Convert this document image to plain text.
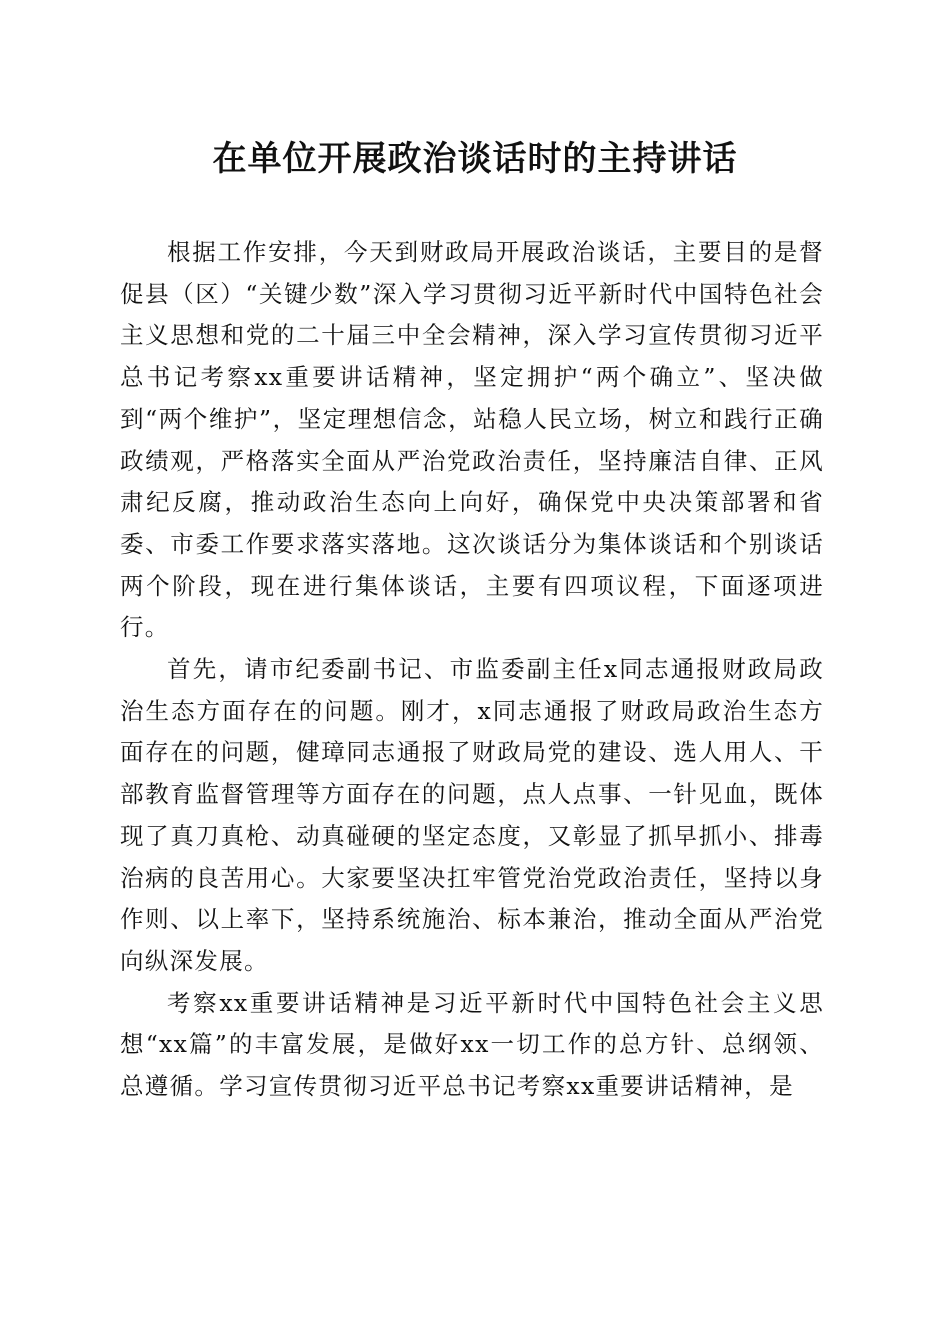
在单位开展政治谈话时的主持讲话

根据工作安排，今天到财政局开展政治谈话，主要目的是督促县（区）“关键少数”深入学习贯彻习近平新时代中国特色社会主义思想和党的二十届三中全会精神，深入学习宣传贯彻习近平总书记考察xx重要讲话精神，坚定拥护“两个确立”、坚决做到“两个维护”，坚定理想信念，站稳人民立场，树立和践行正确政绩观，严格落实全面从严治党政治责任，坚持廉洁自律、正风肃纪反腐，推动政治生态向上向好，确保党中央决策部署和省委、市委工作要求落实落地。这次谈话分为集体谈话和个别谈话两个阶段，现在进行集体谈话，主要有四项议程，下面逐项进行。

首先，请市纪委副书记、市监委副主任x同志通报财政局政治生态方面存在的问题。刚才，x同志通报了财政局政治生态方面存在的问题，健璋同志通报了财政局党的建设、选人用人、干部教育监督管理等方面存在的问题，点人点事、一针见血，既体现了真刀真枪、动真碰硬的坚定态度，又彰显了抓早抓小、排毒治病的良苦用心。大家要坚决扛牢管党治党政治责任，坚持以身作则、以上率下，坚持系统施治、标本兼治，推动全面从严治党向纵深发展。

考察xx重要讲话精神是习近平新时代中国特色社会主义思想“xx篇”的丰富发展，是做好xx一切工作的总方针、总纲领、总遵循。学习宣传贯彻习近平总书记考察xx重要讲话精神，是
